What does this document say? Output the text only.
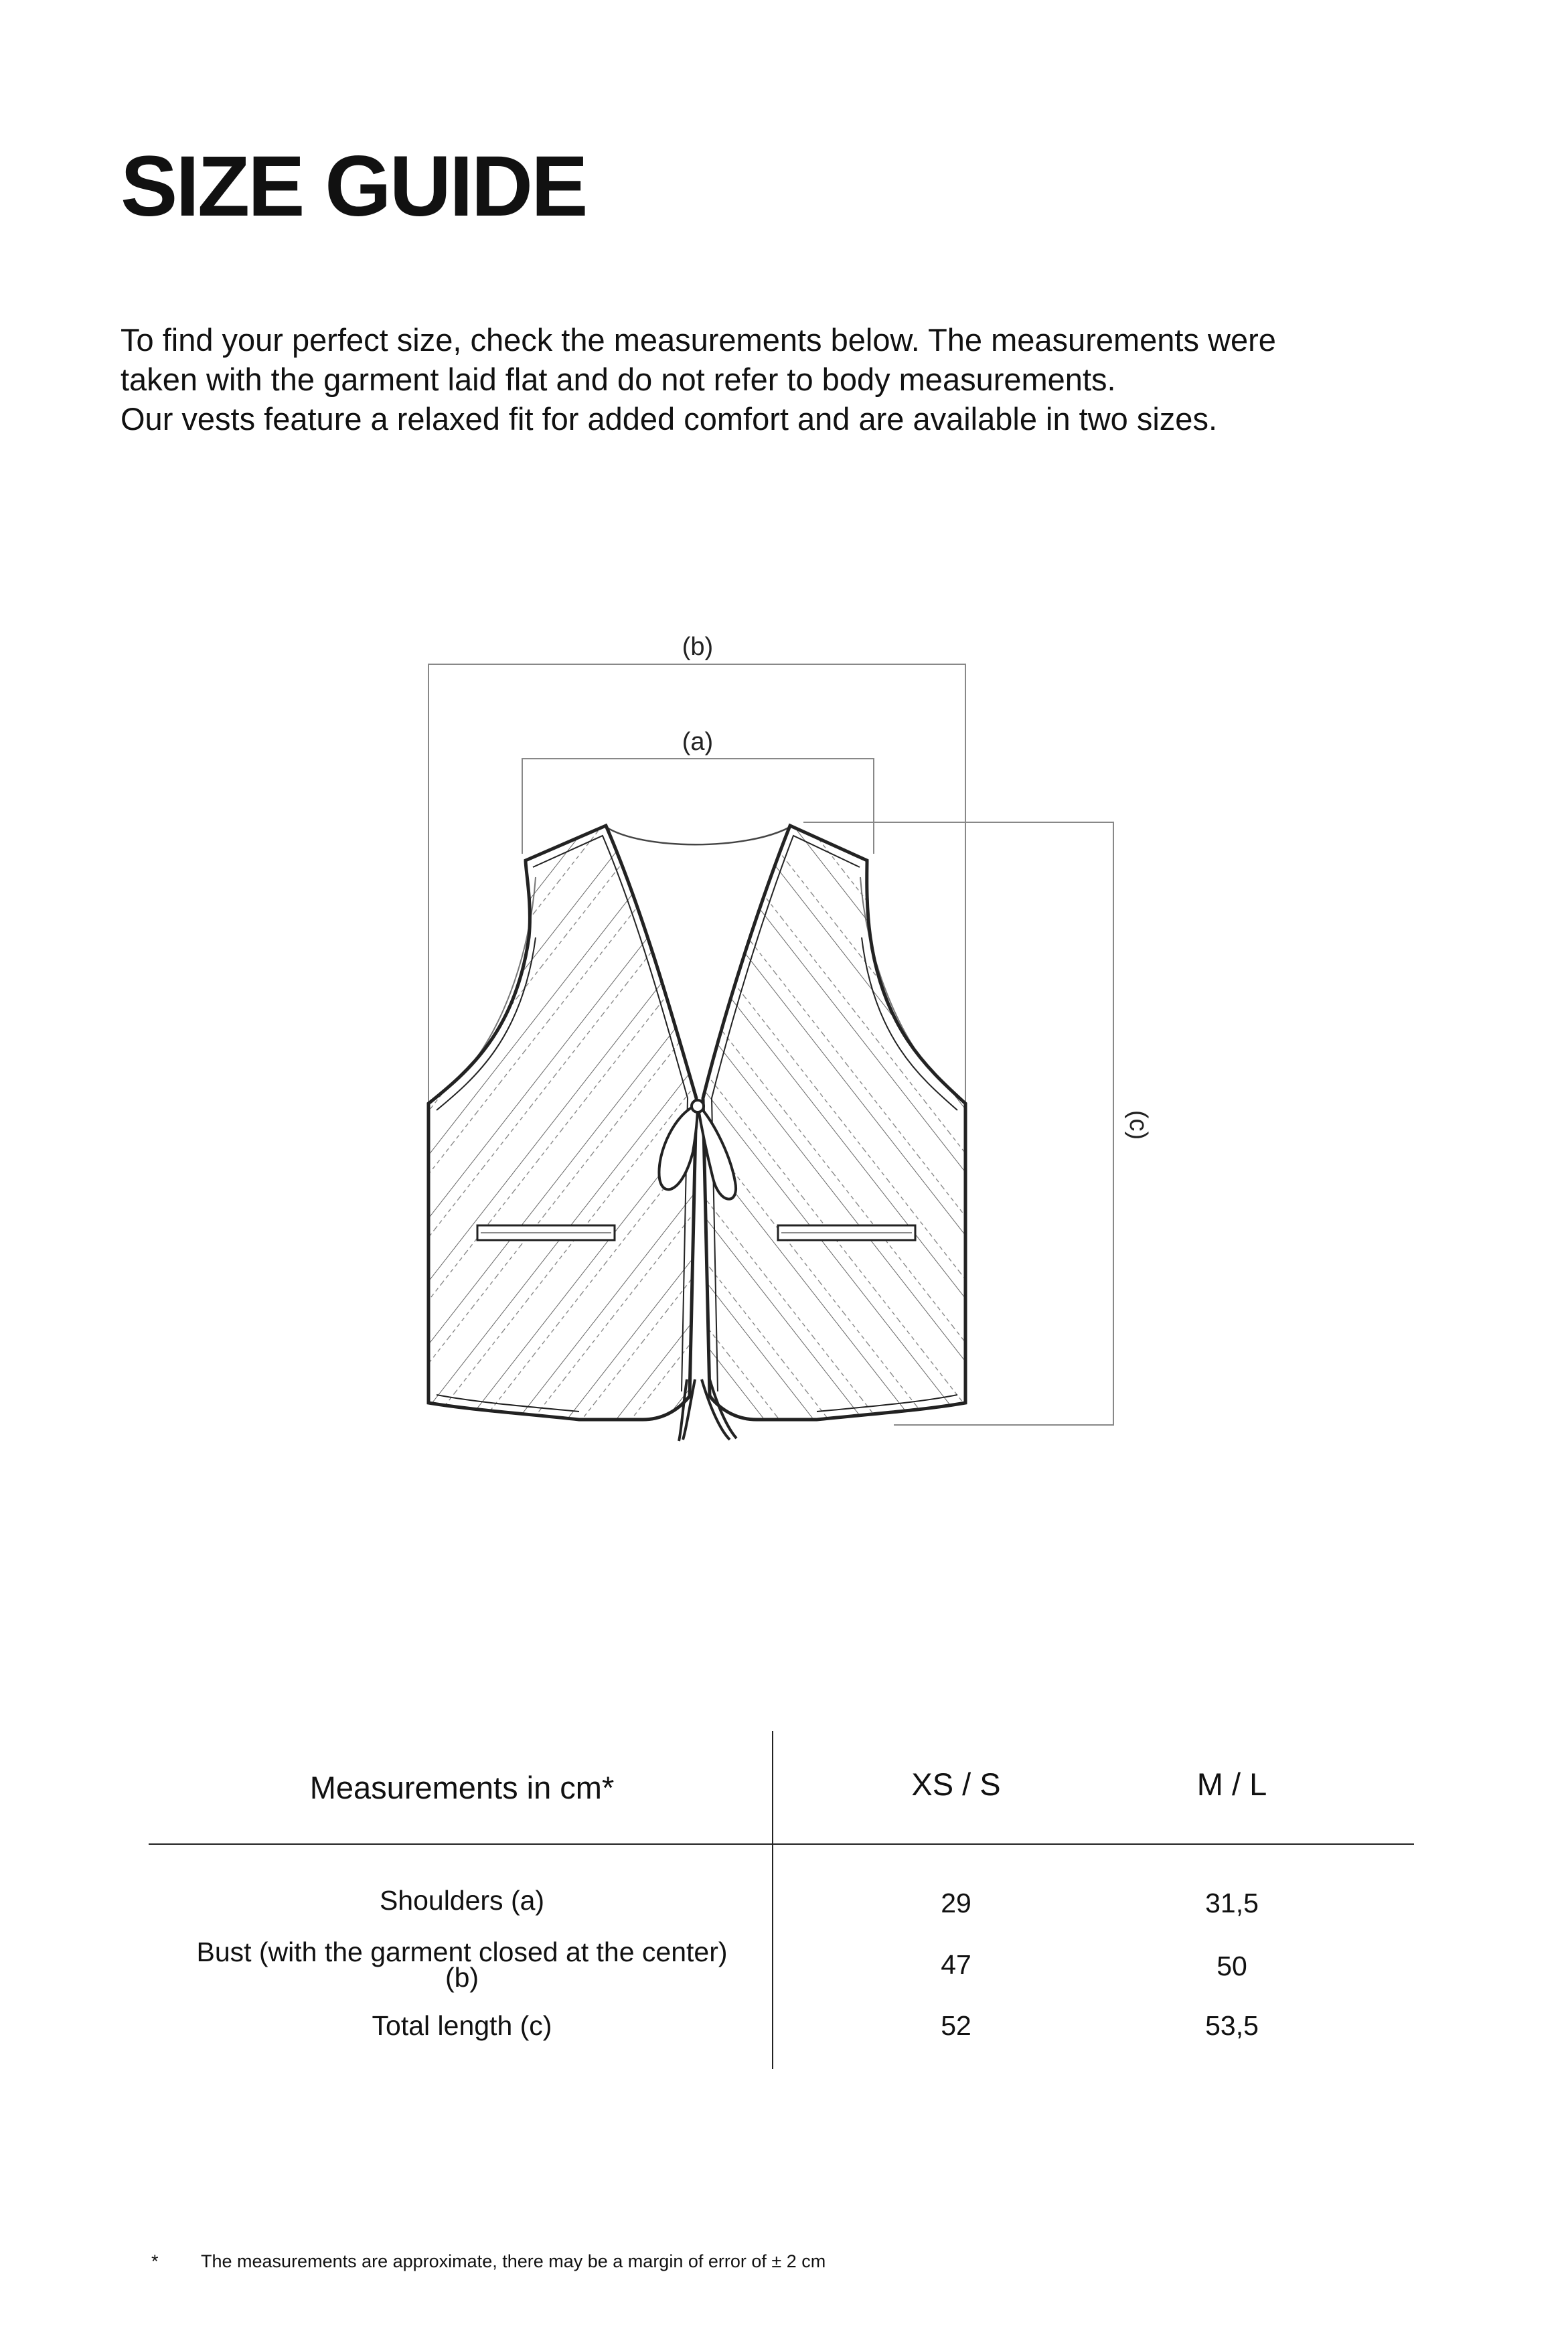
SIZE GUIDE
To find your perfect size, check the measurements below. The measurements were
taken with the garment laid flat and do not refer to body measurements.
Our vests feature a relaxed fit for added comfort and are available in two sizes.
(b)
(a)
(c)
Measurements in cm*	XS / S	M / L
Shoulders (a)	29	31,5
Bust (with the garment closed at the center)
(b)	47	50
Total length (c)	52	53,5
* The measurements are approximate, there may be a margin of error of ± 2 cm
